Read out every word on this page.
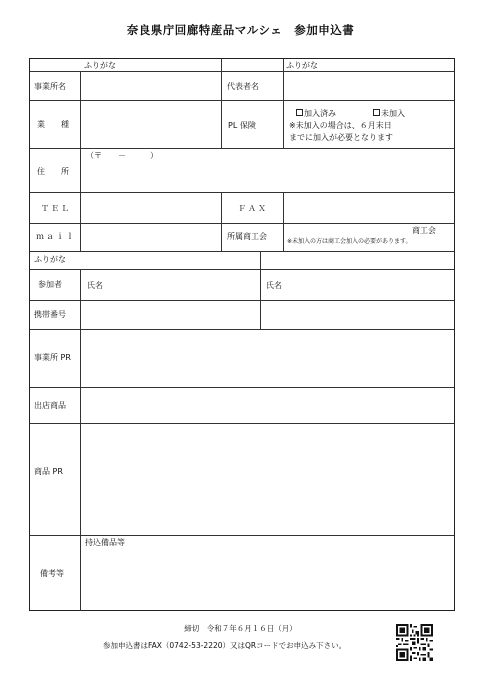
奈良県庁回廊特産品マルシェ　参加申込書
ふりがな	ふりがな
事業所名	代表者名
業　　種	PL 保険
加入済み	未加入
※未加入の場合は、６月末日
までに加入が必要となります
住　　所
（〒　　－　　　）
ＴＥＬ	ＦＡＸ
ｍａｉｌ	所属商工会
商工会
※未加入の方は商工会加入の必要があります。
ふりがな
参加者	氏名	氏名
携帯番号
事業所 PR
出店商品
商品 PR
備考等
持込備品等
締切　令和７年６月１６日（月）
参加申込書はFAX（0742-53-2220）又はQRコードでお申込み下さい。
